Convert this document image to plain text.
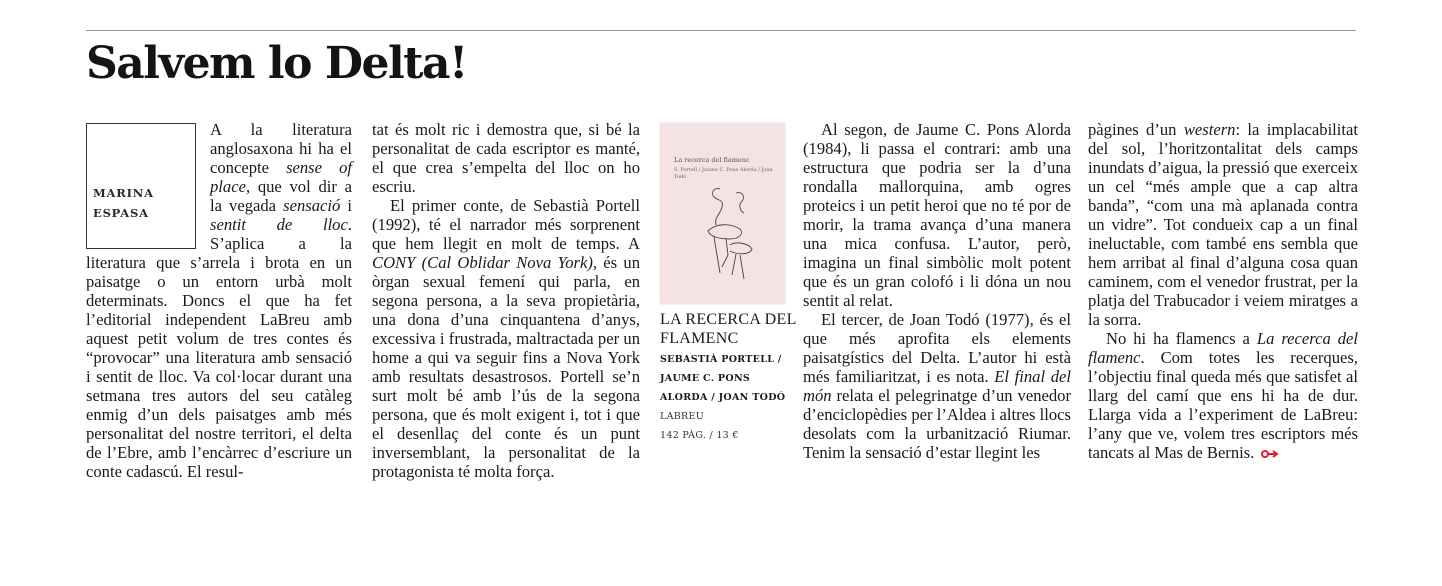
Salvem lo Delta!
MARINA
ESPASA

A la literatura anglosaxona hi ha el concepte sense of place, que vol dir a la vegada sensació i sentit de lloc. S’aplica a la literatura que s’arrela i brota en un paisatge o un entorn urbà molt determinats. Doncs el que ha fet l’editorial independent LaBreu amb aquest petit volum de tres contes és “provocar” una literatura amb sensació i sentit de lloc. Va col·locar durant una setmana tres autors del seu catàleg enmig d’un dels paisatges amb més personalitat del nostre territori, el delta de l’Ebre, amb l’encàrrec d’escriure un conte cadascú. El resul-

tat és molt ric i demostra que, si bé la personalitat de cada escriptor es manté, el que crea s’empelta del lloc on ho escriu.

El primer conte, de Sebastià Portell (1992), té el narrador més sorprenent que hem llegit en molt de temps. A CONY (Cal Oblidar Nova York), és un òrgan sexual femení qui parla, en segona persona, a la seva propietària, una dona d’una cinquantena d’anys, excessiva i frustrada, maltractada per un home a qui va seguir fins a Nova York amb resultats desastrosos. Portell se’n surt molt bé amb l’ús de la segona persona, que és molt exigent i, tot i que el desenllaç del conte és un punt inversemblant, la personalitat de la protagonista té molta força.

La recerca del flamenc
S. Portell / Jaume C. Pons Alorda / Joan Todó
LA RECERCA DEL FLAMENC
SEBASTIÀ PORTELL / JAUME C. PONS ALORDA / JOAN TODÓ
LABREU
142 PÀG. / 13 €

Al segon, de Jaume C. Pons Alorda (1984), li passa el contrari: amb una estructura que podria ser la d’una rondalla mallorquina, amb ogres proteics i un petit heroi que no té por de morir, la trama avança d’una manera una mica confusa. L’autor, però, imagina un final simbòlic molt potent que és un gran colofó i li dóna un nou sentit al relat.

El tercer, de Joan Todó (1977), és el que més aprofita els elements paisatgístics del Delta. L’autor hi està més familiaritzat, i es nota. El final del món relata el pelegrinatge d’un venedor d’enciclopèdies per l’Aldea i altres llocs desolats com la urbanització Riumar. Tenim la sensació d’estar llegint les

pàgines d’un western: la implacabilitat del sol, l’horitzontalitat dels camps inundats d’aigua, la pressió que exerceix un cel “més ample que a cap altra banda”, “com una mà aplanada contra un vidre”. Tot condueix cap a un final ineluctable, com també ens sembla que hem arribat al final d’alguna cosa quan caminem, com el venedor frustrat, per la platja del Trabucador i veiem miratges a la sorra.

No hi ha flamencs a La recerca del flamenc. Com totes les recerques, l’objectiu final queda més que satisfet al llarg del camí que ens hi ha de dur. Llarga vida a l’experiment de LaBreu: l’any que ve, volem tres escriptors més tancats al Mas de Bernis.
